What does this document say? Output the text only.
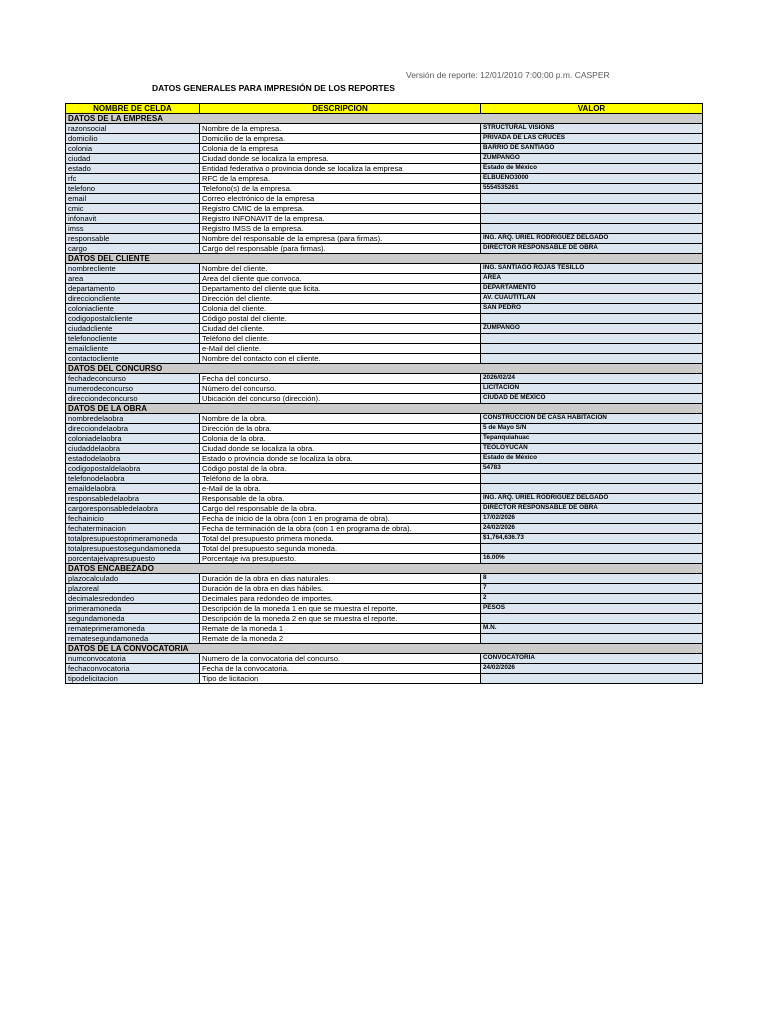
Versión de reporte: 12/01/2010 7:00:00 p.m. CASPER
DATOS GENERALES PARA IMPRESIÓN DE LOS REPORTES
NOMBRE DE CELDA	DESCRIPCION	VALOR
DATOS DE LA EMPRESA		
razonsocial	Nombre de la empresa.	STRUCTURAL VISIONS
domicilio	Domicilio de la empresa.	PRIVADA DE LAS CRUCES
colonia	Colonia de la empresa	BARRIO DE SANTIAGO
ciudad	Ciudad donde se localiza la empresa.	ZUMPANGO
estado	Entidad federativa o provincia donde se localiza la empresa	Estado de México
rfc	RFC de la empresa.	ELBUENO3000
telefono	Telefono(s) de la empresa.	5554535261
email	Correo electrónico de la empresa	
cmic	Registro CMIC de la empresa.	
infonavit	Registro INFONAVIT de la empresa.	
imss	Registro IMSS de la empresa.	
responsable	Nombre del responsable de la empresa (para firmas).	ING. ARQ. URIEL RODRIGUEZ DELGADO
cargo	Cargo del responsable (para firmas).	DIRECTOR RESPONSABLE DE OBRA
DATOS DEL CLIENTE		
nombrecliente	Nombre del cliente.	ING. SANTIAGO ROJAS TESILLO
area	Area del cliente que convoca.	AREA
departamento	Departamento del cliente que licita.	DEPARTAMENTO
direccioncliente	Dirección del cliente.	AV. CUAUTITLAN
coloniacliente	Colonia del cliente.	SAN PEDRO
codigopostalcliente	Código postal del cliente.	
ciudadcliente	Ciudad del cliente.	ZUMPANGO
telefonocliente	Teléfono del cliente.	
emailcliente	e-Mail del cliente.	
contactocliente	Nombre del contacto con el cliente.	
DATOS DEL CONCURSO		
fechadeconcurso	Fecha del concurso.	2026/02/24
numerodeconcurso	Número del concurso.	LICITACIÓN
direcciondeconcurso	Ubicación del concurso (dirección).	CIUDAD DE MÉXICO
DATOS DE LA OBRA		
nombredelaobra	Nombre de la obra.	CONSTRUCCION DE CASA HABITACION
direcciondelaobra	Dirección de la obra.	5 de Mayo S/N
coloniadelaobra	Colonia de la obra.	Tepanquiahuac
ciudaddelaobra	Ciudad donde se localiza la obra.	TEOLOYUCAN
estadodelaobra	Estado o provincia donde se localiza la obra.	Estado de México
codigopostaldelaobra	Código postal de la obra.	54783
telefonodelaobra	Teléfono de la obra.	
emaildelaobra	e-Mail de la obra.	
responsabledelaobra	Responsable de la obra.	ING. ARQ. URIEL RODRIGUEZ DELGADO
cargoresponsabledelaobra	Cargo del responsable de la obra.	DIRECTOR RESPONSABLE DE OBRA
fechainicio	Fecha de inicio de la obra (con 1 en programa de obra).	17/02/2026
fechaterminacion	Fecha de terminación de la obra (con 1 en programa de obra).	24/02/2026
totalpresupuestoprimeramoneda	Total del presupuesto primera moneda.	$1,764,636.73
totalpresupuestosegundamoneda	Total del presupuesto segunda moneda.	
porcentajeivapresupuesto	Porcentaje iva presupuesto.	16.00%
DATOS ENCABEZADO		
plazocalculado	Duración de la obra en dias naturales.	8
plazoreal	Duración de la obra en dias hábiles.	7
decimalesredondeo	Decimales para redondeo de importes.	2
primeramoneda	Descripción de la moneda 1 en que se muestra el reporte.	PESOS
segundamoneda	Descripción de la moneda 2 en que se muestra el reporte.	
remateprimeramoneda	Remate de la moneda 1	M.N.
rematesegundamoneda	Remate de la moneda 2	
DATOS DE LA CONVOCATORIA		
numconvocatoria	Numero de la convocatoria del concurso.	CONVOCATORIA
fechaconvocatoria	Fecha de la convocatoria.	24/02/2026
tipodelicitacion	Tipo de licitacion	
